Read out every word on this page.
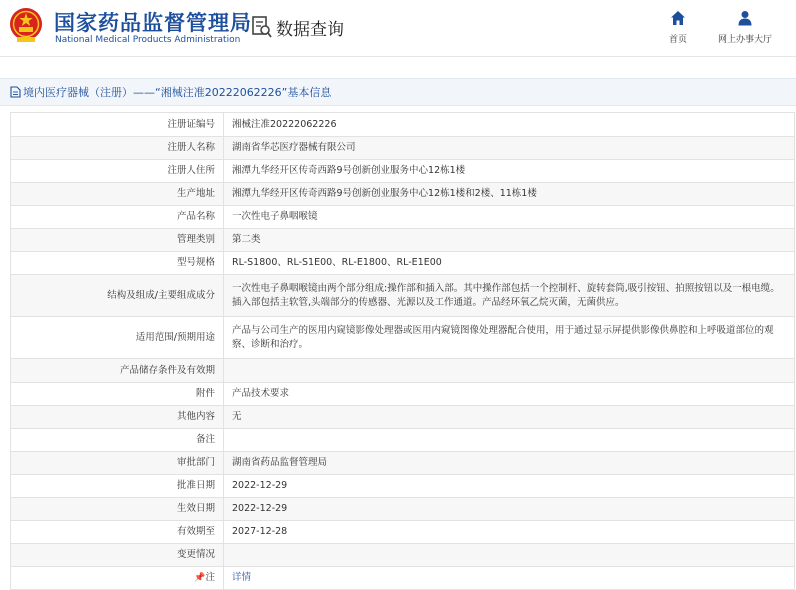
国家药品监督管理局
National Medical Products Administration
数据查询
首页	网上办事大厅
境内医疗器械（注册）——“湘械注准20222062226”基本信息
注册证编号	湘械注准20222062226
注册人名称	湖南省华芯医疗器械有限公司
注册人住所	湘潭九华经开区传奇西路9号创新创业服务中心12栋1楼
生产地址	湘潭九华经开区传奇西路9号创新创业服务中心12栋1楼和2楼、11栋1楼
产品名称	一次性电子鼻咽喉镜
管理类别	第二类
型号规格	RL-S1800、RL-S1E00、RL-E1800、RL-E1E00
结构及组成/主要组成成分	一次性电子鼻咽喉镜由两个部分组成:操作部和插入部。其中操作部包括一个控制杆、旋转套筒,吸引按钮、拍照按钮以及一根电缆。插入部包括主软管,头端部分的传感器、光源以及工作通道。产品经环氧乙烷灭菌，无菌供应。
适用范围/预期用途	产品与公司生产的医用内窥镜影像处理器或医用内窥镜图像处理器配合使用，用于通过显示屏提供影像供鼻腔和上呼吸道部位的观察、诊断和治疗。
产品储存条件及有效期	
附件	产品技术要求
其他内容	无
备注	
审批部门	湖南省药品监督管理局
批准日期	2022-12-29
生效日期	2022-12-29
有效期至	2027-12-28
变更情况	
📌注	详情
